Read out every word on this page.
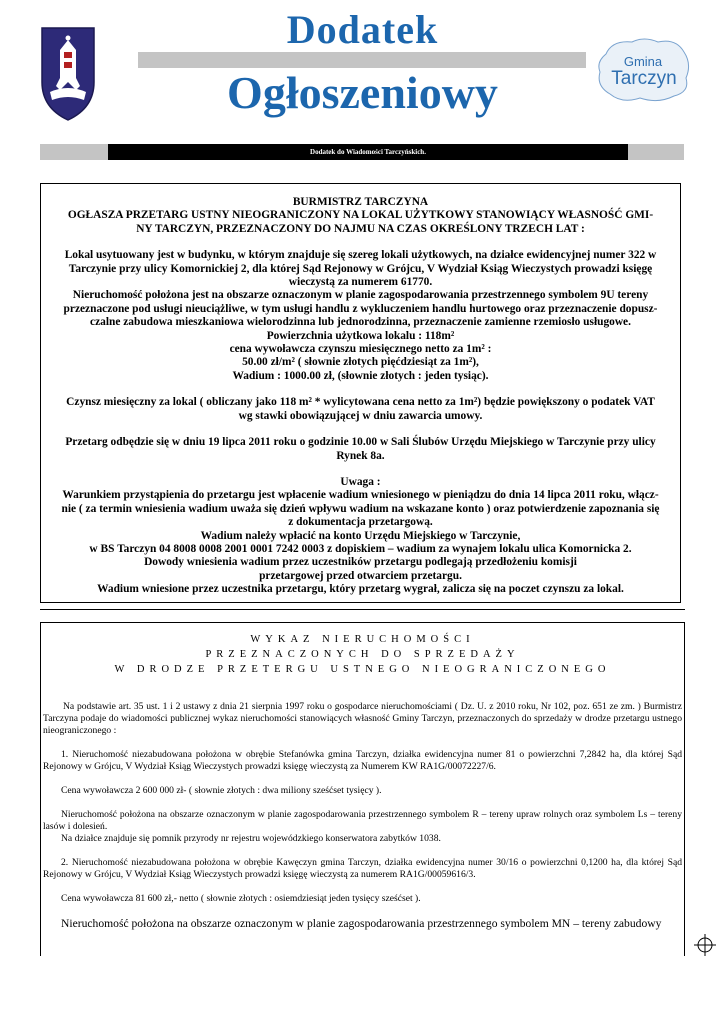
Dodatek
Ogłoszeniowy
Gmina
Tarczyn
Dodatek do Wiadomości Tarczyńskich.

BURMISTRZ TARCZYNA

OGŁASZA PRZETARG USTNY NIEOGRANICZONY NA LOKAL UŻYTKOWY STANOWIĄCY WŁASNOŚĆ GMI-

NY TARCZYN, PRZEZNACZONY DO NAJMU NA CZAS OKREŚLONY TRZECH LAT :

Lokal usytuowany jest w budynku, w którym znajduje się szereg lokali użytkowych, na działce ewidencyjnej numer 322 w

Tarczynie przy ulicy Komornickiej 2, dla której Sąd Rejonowy w Grójcu, V Wydział Ksiąg Wieczystych prowadzi księgę

wieczystą za numerem 61770.

Nieruchomość położona jest na obszarze oznaczonym w planie zagospodarowania przestrzennego symbolem 9U tereny

przeznaczone pod usługi nieuciążliwe, w tym usługi handlu z wykluczeniem handlu hurtowego oraz przeznaczenie dopusz-

czalne zabudowa mieszkaniowa wielorodzinna lub jednorodzinna, przeznaczenie zamienne rzemiosło usługowe.

Powierzchnia użytkowa lokalu : 118m²

cena wywoławcza czynszu miesięcznego netto za 1m² :

50.00 zł/m² ( słownie złotych pięćdziesiąt za 1m²),

Wadium : 1000.00 zł, (słownie złotych : jeden tysiąc).

Czynsz miesięczny za lokal ( obliczany jako 118 m² * wylicytowana cena netto za 1m²) będzie powiększony o podatek VAT

wg stawki obowiązującej w dniu zawarcia umowy.

Przetarg odbędzie się w dniu 19 lipca 2011 roku o godzinie 10.00 w Sali Ślubów Urzędu Miejskiego w Tarczynie przy ulicy

Rynek 8a.

Uwaga :

Warunkiem przystąpienia do przetargu jest wpłacenie wadium wniesionego w pieniądzu do dnia 14 lipca 2011 roku, włącz-

nie ( za termin wniesienia wadium uważa się dzień wpływu wadium na wskazane konto ) oraz potwierdzenie zapoznania się

z dokumentacja przetargową.

Wadium należy wpłacić na konto Urzędu Miejskiego w Tarczynie,

w BS Tarczyn 04 8008 0008 2001 0001 7242 0003 z dopiskiem – wadium za wynajem lokalu ulica Komornicka 2.

Dowody wniesienia wadium przez uczestników przetargu podlegają przedłożeniu komisji

przetargowej przed otwarciem przetargu.

Wadium wniesione przez uczestnika przetargu, który przetarg wygrał, zalicza się na poczet czynszu za lokal.

WYKAZ NIERUCHOMOŚCI
PRZEZNACZONYCH DO SPRZEDAŻY
W DRODZE PRZETERGU USTNEGO NIEOGRANICZONEGO

Na podstawie art. 35 ust. 1 i 2 ustawy z dnia 21 sierpnia 1997 roku o gospodarce nieruchomościami ( Dz. U. z 2010 roku, Nr 102, poz. 651 ze zm. ) Burmistrz Tarczyna podaje do wiadomości publicznej wykaz nieruchomości stanowiących własność Gminy Tarczyn, przeznaczonych do sprzedaży w drodze przetargu ustnego nieograniczonego :

1. Nieruchomość niezabudowana położona w obrębie Stefanówka gmina Tarczyn, działka ewidencyjna numer 81 o powierzchni 7,2842 ha, dla której Sąd Rejonowy w Grójcu, V Wydział Ksiąg Wieczystych prowadzi księgę wieczystą za Numerem KW RA1G/00072227/6.

Cena wywoławcza 2 600 000 zł- ( słownie złotych : dwa miliony sześćset tysięcy ).

Nieruchomość położona na obszarze oznaczonym w planie zagospodarowania przestrzennego symbolem R – tereny upraw rolnych oraz symbolem Ls – tereny lasów i dolesień.

Na działce znajduje się pomnik przyrody nr rejestru wojewódzkiego konserwatora zabytków 1038.

2. Nieruchomość niezabudowana położona w obrębie Kawęczyn gmina Tarczyn, działka ewidencyjna numer 30/16 o powierzchni 0,1200 ha, dla której Sąd Rejonowy w Grójcu, V Wydział Ksiąg Wieczystych prowadzi księgę wieczystą za numerem RA1G/00059616/3.

Cena wywoławcza 81 600 zł,- netto ( słownie złotych : osiemdziesiąt jeden tysięcy sześćset ).

Nieruchomość położona na obszarze oznaczonym w planie zagospodarowania przestrzennego symbolem MN – tereny zabudowy
